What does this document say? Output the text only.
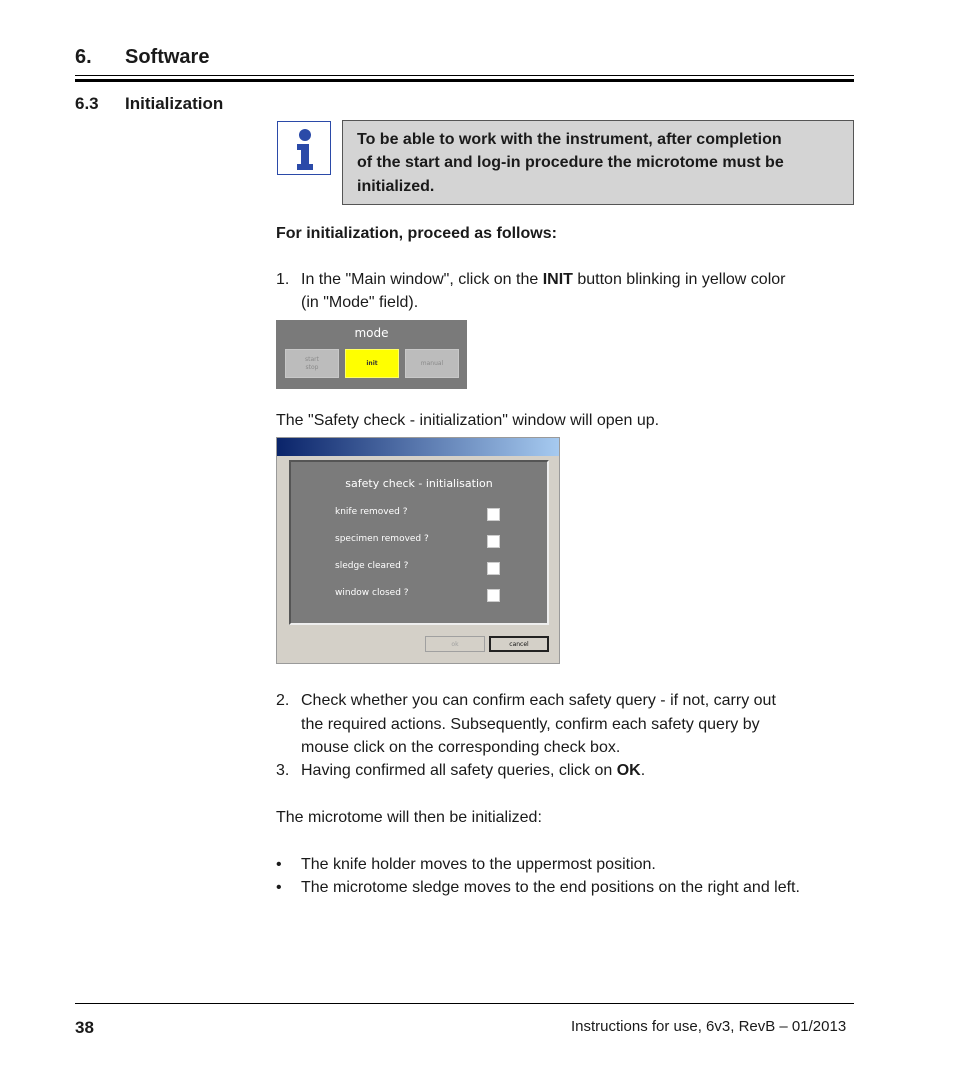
6. Software
6.3 Initialization
To be able to work with the instrument, after completion
of the start and log-in procedure the microtome must be
initialized.
For initialization, proceed as follows:
1. In the "Main window", click on the INIT button blinking in yellow color
(in "Mode" field).
mode
start
stop
init	manual
The "Safety check - initialization" window will open up.
safety check - initialisation
knife removed ?
specimen removed ?
sledge cleared ?
window closed ?
ok	cancel
2. Check whether you can confirm each safety query - if not, carry out
the required actions. Subsequently, confirm each safety query by
mouse click on the corresponding check box.
3. Having confirmed all safety queries, click on OK.
The microtome will then be initialized:
• The knife holder moves to the uppermost position.
• The microtome sledge moves to the end positions on the right and left.
38	Instructions for use, 6v3, RevB – 01/2013
